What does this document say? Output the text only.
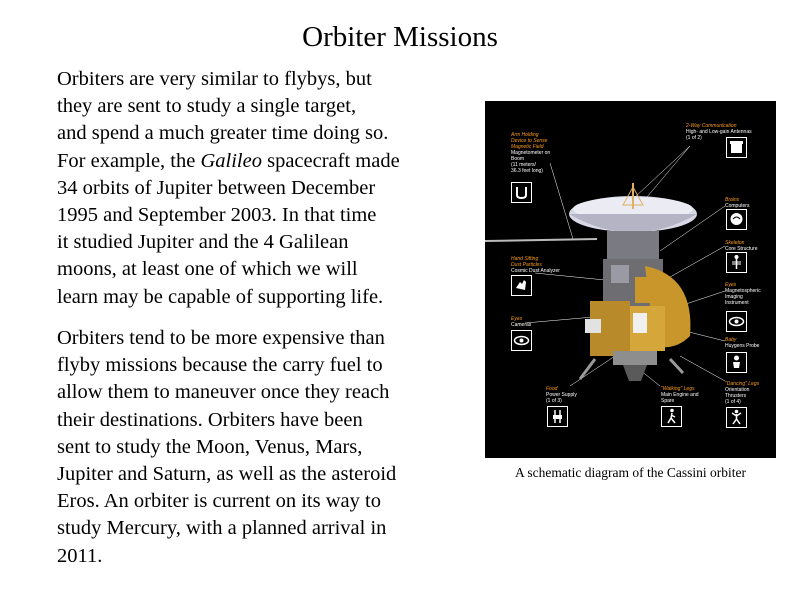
Orbiter Missions

Orbiters are very similar to flybys, but
they are sent to study a single target,
and spend a much greater time doing so.
For example, the Galileo spacecraft made
34 orbits of Jupiter between December
1995 and September 2003. In that time
it studied Jupiter and the 4 Galilean
moons, at least one of which we will
learn may be capable of supporting life.

Orbiters tend to be more expensive than
flyby missions because the carry fuel to
allow them to maneuver once they reach
their destinations. Orbiters have been
sent to study the Moon, Venus, Mars,
Jupiter and Saturn, as well as the asteroid
Eros. An orbiter is current on its way to
study Mercury, with a planned arrival in
2011.

Arm Holding
Device to Sense
Magnetic Field
Magnetometer on
Boom
(11 meters/
36.3 feet long)
2-Way Communication
High- and Low-gain Antennas
(1 of 2)
Brains
Computers
Skeleton
Core Structure
Hand Sifting
Dust Particles
Cosmic Dust Analyzer
Eyes
Cameras
Eyes
Magnetospheric
Imaging
Instrument
Baby
Huygens Probe
Food
Power Supply
(1 of 3)
"Walking" Legs
Main Engine and
Spare
"Dancing" Legs
Orientation
Thrusters
(1 of 4)
A schematic diagram of the Cassini orbiter
